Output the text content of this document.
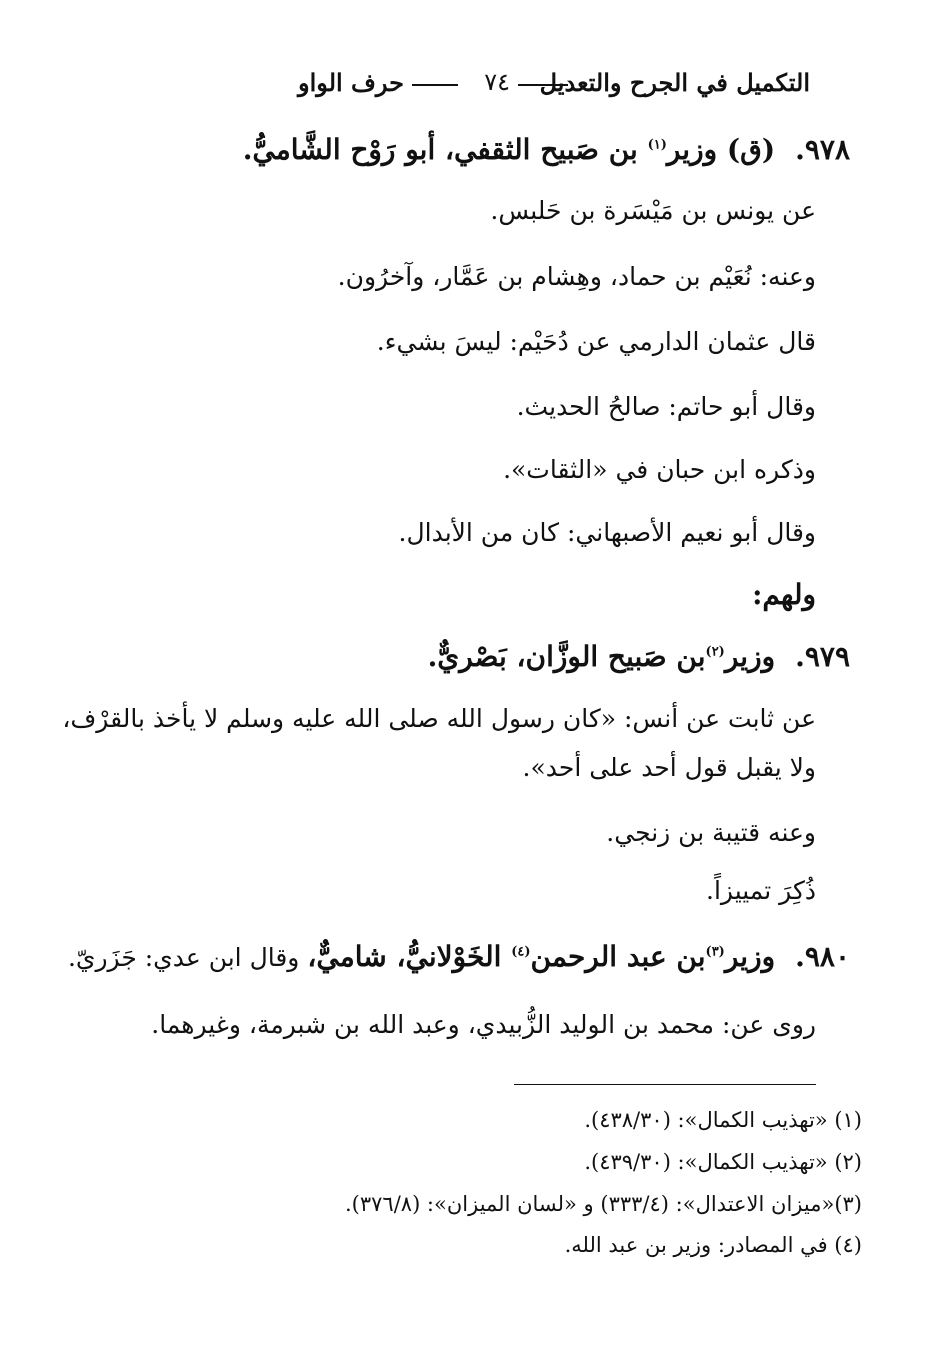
التكميل في الجرح والتعديل
٧٤
حرف الواو
٩٧٨.(ق) وزير$^{(١)}$ بن صَبيح الثقفي، أبو رَوْح الشَّاميُّ.
عن يونس بن مَيْسَرة بن حَلبس.
وعنه: نُعَيْم بن حماد، وهِشام بن عَمَّار، وآخرُون.
قال عثمان الدارمي عن دُحَيْم: ليسَ بشيء.
وقال أبو حاتم: صالحُ الحديث.
وذكره ابن حبان في «الثقات».
وقال أبو نعيم الأصبهاني: كان من الأبدال.
ولهم:
٩٧٩.وزير$^{(٢)}$بن صَبيح الوزَّان، بَصْريٌّ.
عن ثابت عن أنس: «كان رسول الله صلى الله عليه وسلم لا يأخذ بالقرْف،
ولا يقبل قول أحد على أحد».
وعنه قتيبة بن زنجي.
ذُكِرَ تمييزاً.
٩٨٠.وزير$^{(٣)}$بن عبد الرحمن$^{(٤)}$ الخَوْلانيُّ، شاميٌّ، وقال ابن عدي: جَزَريّ.
روى عن: محمد بن الوليد الزُّبيدي، وعبد الله بن شبرمة، وغيرهما.
(١) «تهذيب الكمال»: (٤٣٨/٣٠).
(٢) «تهذيب الكمال»: (٤٣٩/٣٠).
(٣)«ميزان الاعتدال»: (٣٣٣/٤) و «لسان الميزان»: (٣٧٦/٨).
(٤) في المصادر: وزير بن عبد الله.
